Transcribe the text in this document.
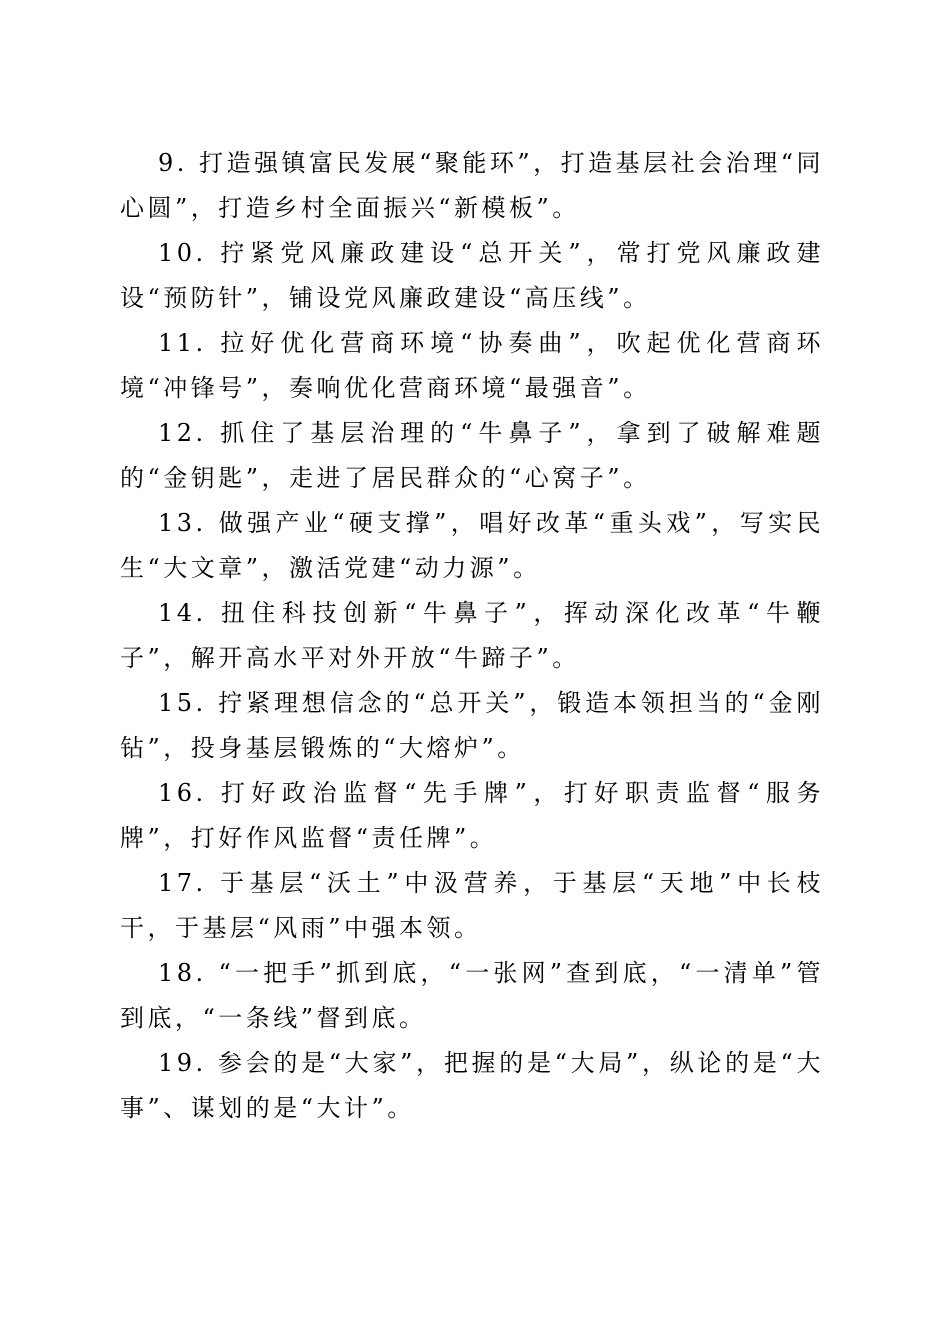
9. 打造强镇富民发展“聚能环”，打造基层社会治理“同心圆”，打造乡村全面振兴“新模板”。

10. 拧紧党风廉政建设“总开关”，常打党风廉政建设“预防针”，铺设党风廉政建设“高压线”。

11. 拉好优化营商环境“协奏曲”，吹起优化营商环境“冲锋号”，奏响优化营商环境“最强音”。

12. 抓住了基层治理的“牛鼻子”，拿到了破解难题的“金钥匙”，走进了居民群众的“心窝子”。

13. 做强产业“硬支撑”，唱好改革“重头戏”，写实民生“大文章”，激活党建“动力源”。

14. 扭住科技创新“牛鼻子”，挥动深化改革“牛鞭子”，解开高水平对外开放“牛蹄子”。

15. 拧紧理想信念的“总开关”，锻造本领担当的“金刚钻”，投身基层锻炼的“大熔炉”。

16. 打好政治监督“先手牌”，打好职责监督“服务牌”，打好作风监督“责任牌”。

17. 于基层“沃土”中汲营养，于基层“天地”中长枝干，于基层“风雨”中强本领。

18. “一把手”抓到底，“一张网”查到底，“一清单”管到底，“一条线”督到底。

19. 参会的是“大家”，把握的是“大局”，纵论的是“大事”、谋划的是“大计”。
